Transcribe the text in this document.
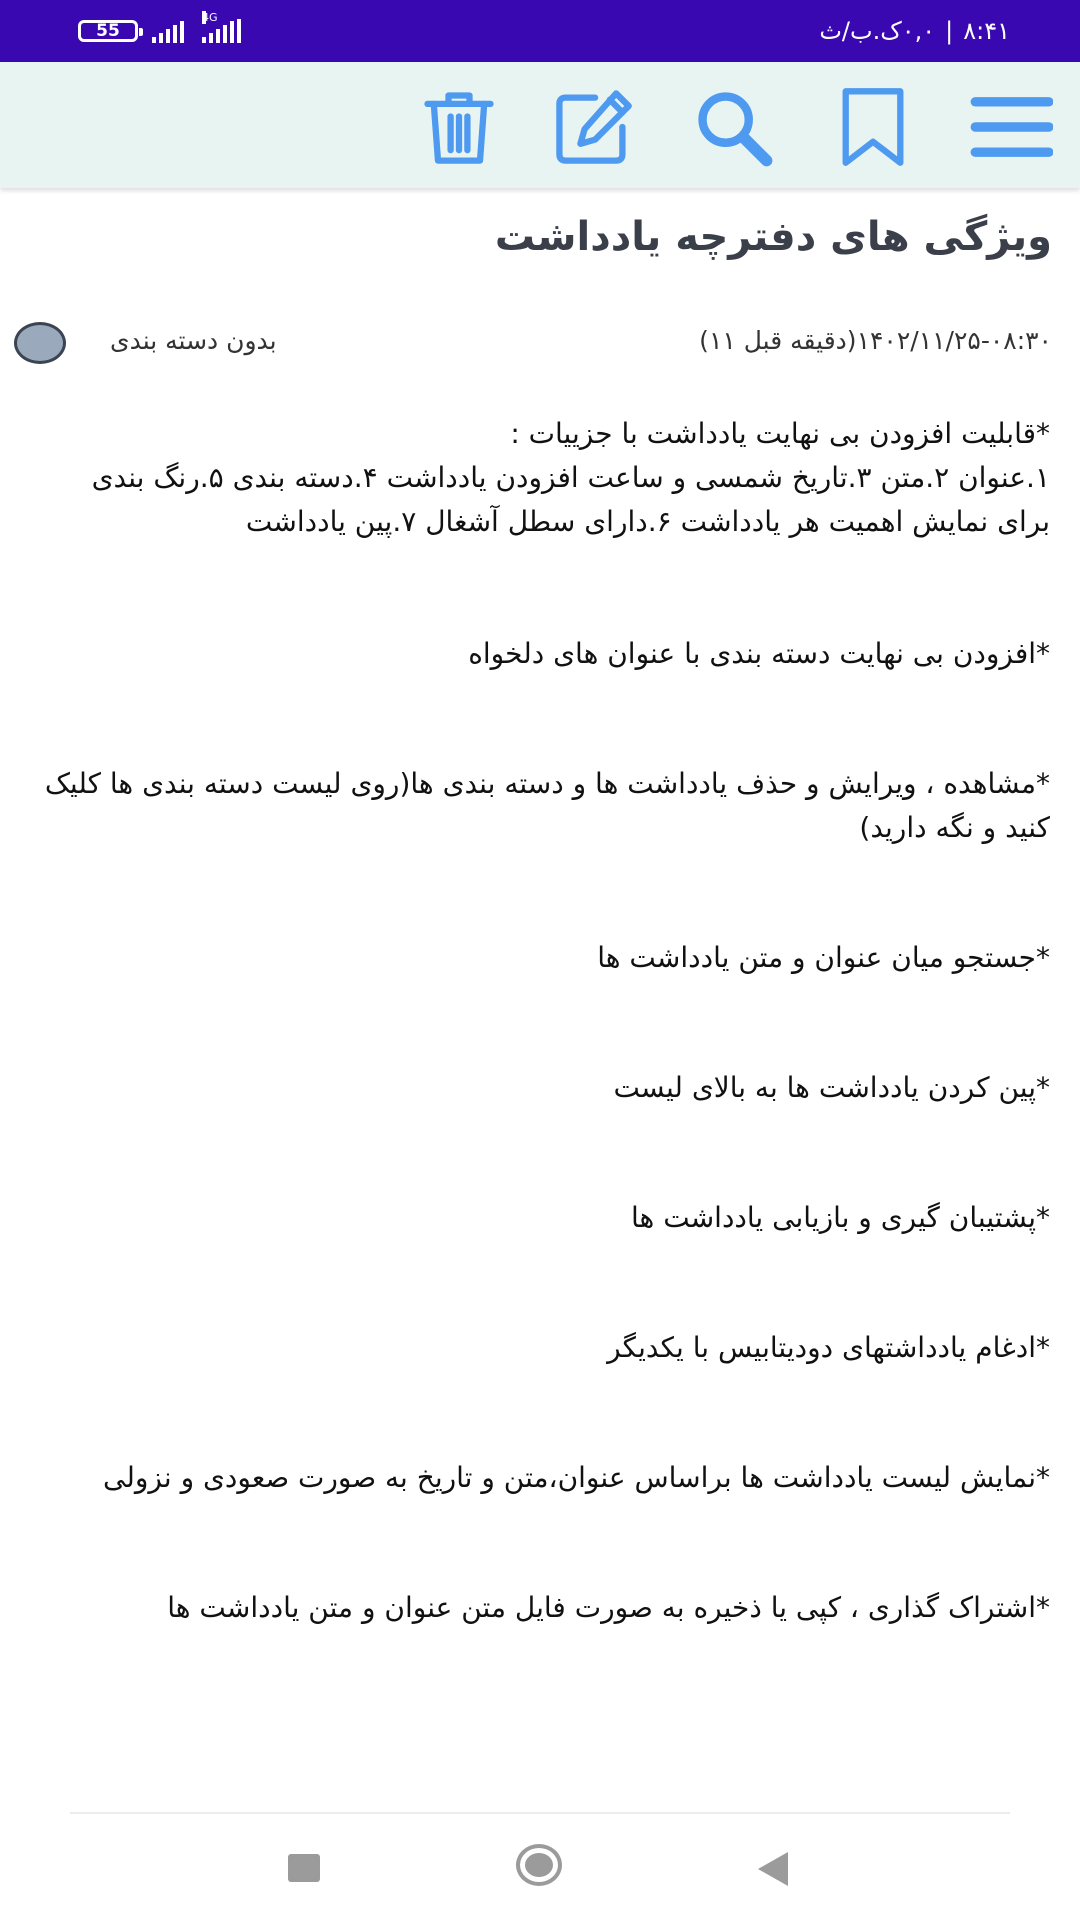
55
4G	۸:۴۱
|
۰,۰ک.ب/ث
ویژگی های دفترچه یادداشت
۱۴۰۲/۱۱/۲۵-۰۸:۳۰(دقیقه قبل ۱۱)
بدون دسته بندی

*قابلیت افزودن بی نهایت یادداشت با جزییات :
۱.عنوان ۲.متن ۳.تاریخ شمسی و ساعت افزودن یادداشت ۴.دسته بندی ۵.رنگ بندی برای نمایش اهمیت هر یادداشت ۶.دارای سطل آشغال ۷.پین یادداشت

*افزودن بی نهایت دسته بندی با عنوان های دلخواه

*مشاهده ، ویرایش و حذف یادداشت ها و دسته بندی ها(روی لیست دسته بندی ها کلیک کنید و نگه دارید)

*جستجو میان عنوان و متن یادداشت ها

*پین کردن یادداشت ها به بالای لیست

*پشتیبان گیری و بازیابی یادداشت ها

*ادغام یادداشتهای دودیتابیس با یکدیگر

*نمایش لیست یادداشت ها براساس عنوان،متن و تاریخ به صورت صعودی و نزولی

*اشتراک گذاری ، کپی یا ذخیره به صورت فایل متن عنوان و متن یادداشت ها
